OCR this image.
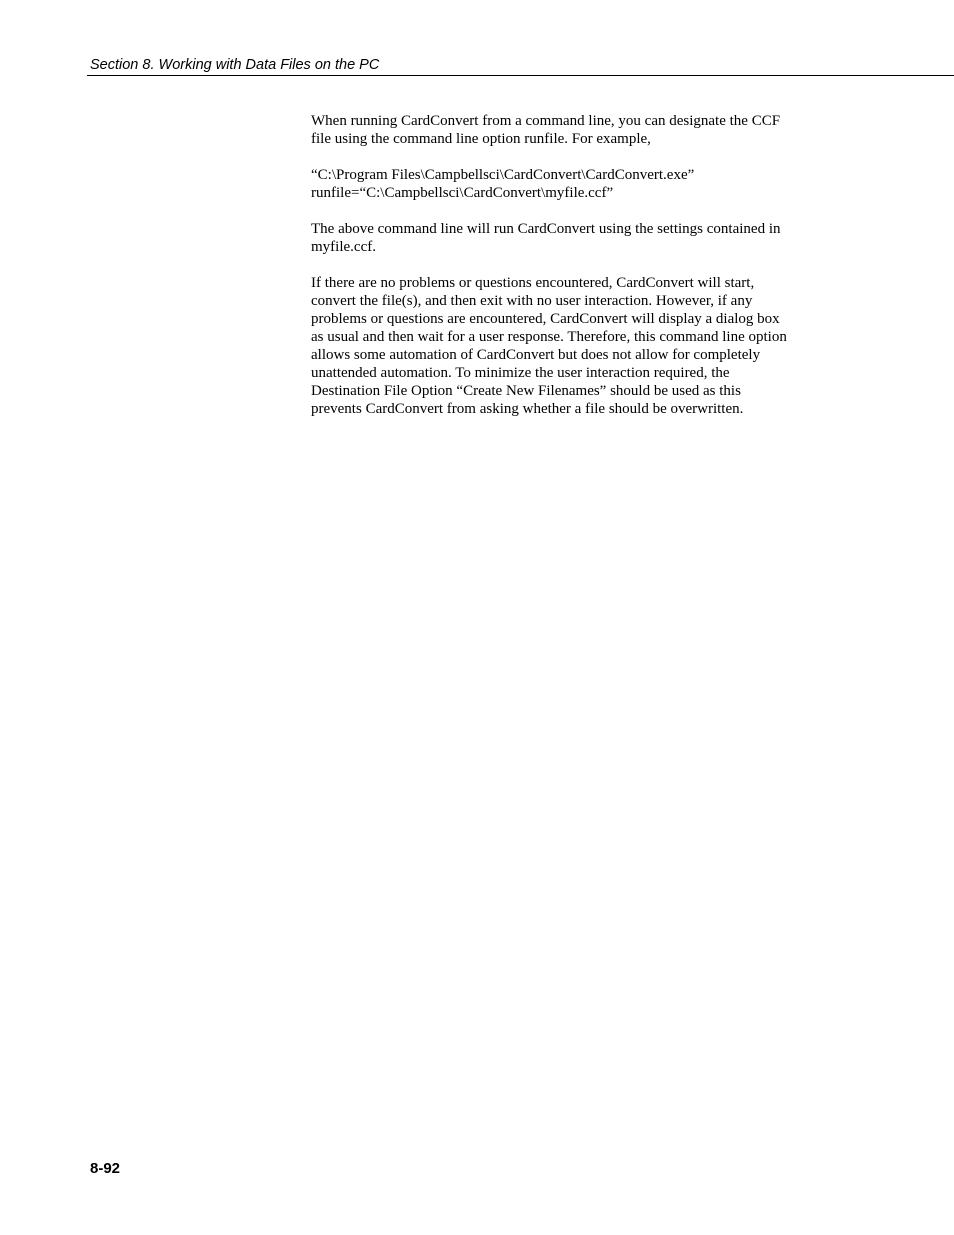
Section 8. Working with Data Files on the PC

When running CardConvert from a command line, you can designate the CCF
file using the command line option runfile. For example,

“C:\Program Files\Campbellsci\CardConvert\CardConvert.exe”
runfile=“C:\Campbellsci\CardConvert\myfile.ccf”

The above command line will run CardConvert using the settings contained in
myfile.ccf.

If there are no problems or questions encountered, CardConvert will start,
convert the file(s), and then exit with no user interaction. However, if any
problems or questions are encountered, CardConvert will display a dialog box
as usual and then wait for a user response. Therefore, this command line option
allows some automation of CardConvert but does not allow for completely
unattended automation. To minimize the user interaction required, the
Destination File Option “Create New Filenames” should be used as this
prevents CardConvert from asking whether a file should be overwritten.

8-92
